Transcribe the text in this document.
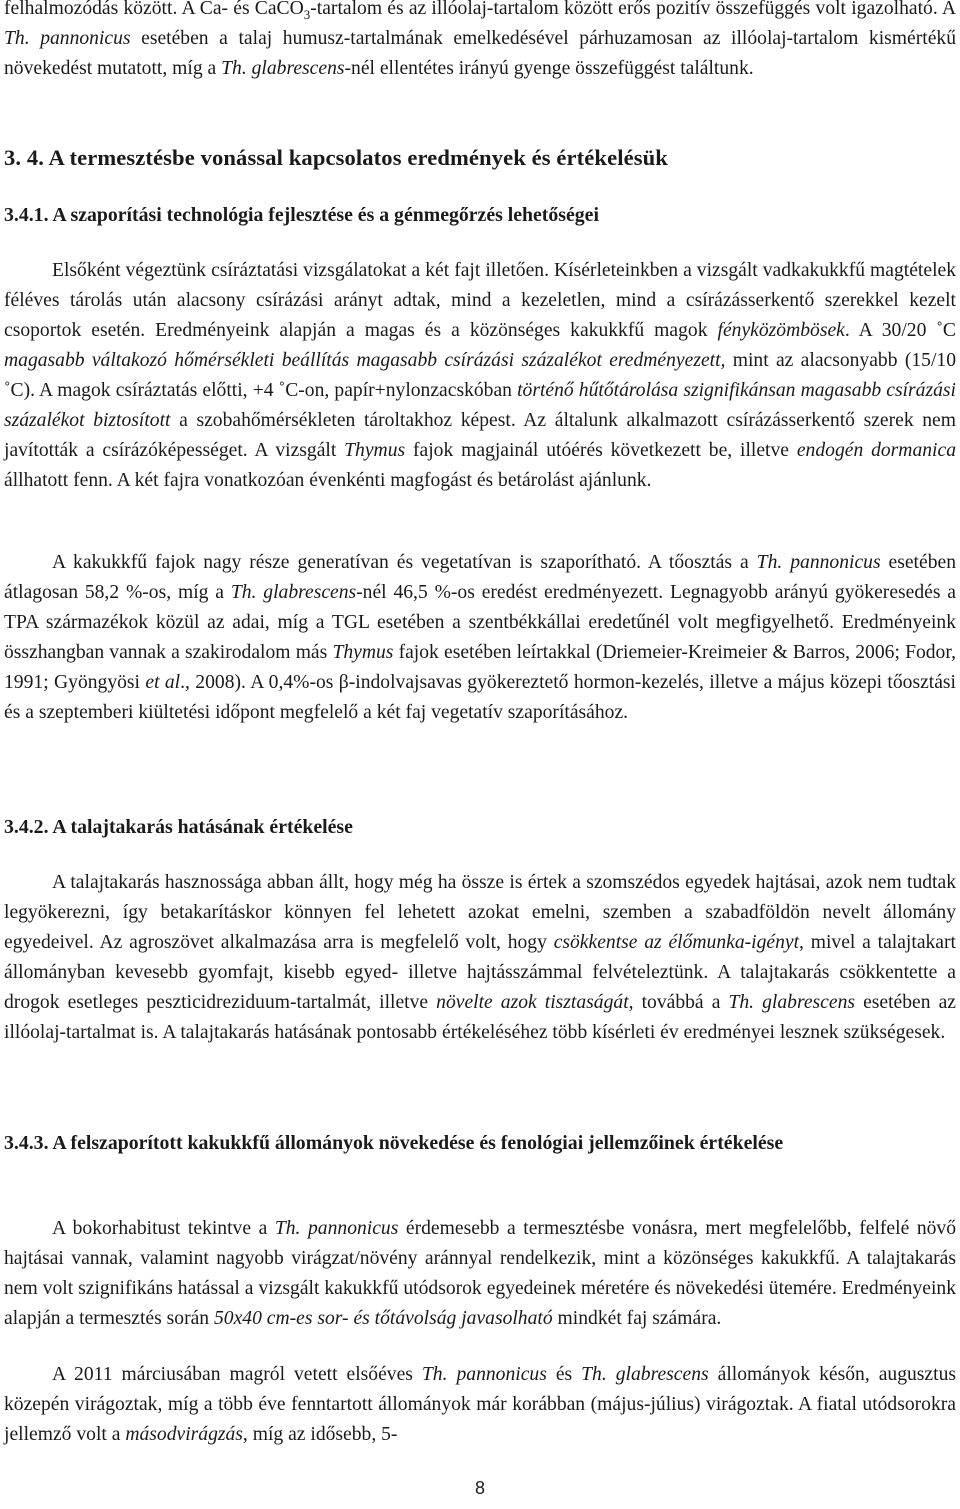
felhalmozódás között. A Ca- és CaCO$_3$-tartalom és az illóolaj-tartalom között erős pozitív összefüggés volt igazolható. A Th. pannonicus esetében a talaj humusz-tartalmának emelkedésével párhuzamosan az illóolaj-tartalom kismértékű növekedést mutatott, míg a Th. glabrescens-nél ellentétes irányú gyenge összefüggést találtunk.

3. 4. A termesztésbe vonással kapcsolatos eredmények és értékelésük
3.4.1. A szaporítási technológia fejlesztése és a génmegőrzés lehetőségei

Elsőként végeztünk csíráztatási vizsgálatokat a két fajt illetően. Kísérleteinkben a vizsgált vadkakukkfű magtételek féléves tárolás után alacsony csírázási arányt adtak, mind a kezeletlen, mind a csírázásserkentő szerekkel kezelt csoportok esetén. Eredményeink alapján a magas és a közönséges kakukkfű magok fényközömbösek. A 30/20 ˚C magasabb váltakozó hőmérsékleti beállítás magasabb csírázási százalékot eredményezett, mint az alacsonyabb (15/10 ˚C). A magok csíráztatás előtti, +4 ˚C-on, papír+nylonzacskóban történő hűtőtárolása szignifikánsan magasabb csírázási százalékot biztosított a szobahőmérsékleten tároltakhoz képest. Az általunk alkalmazott csírázásserkentő szerek nem javították a csírázóképességet. A vizsgált Thymus fajok magjainál utóérés következett be, illetve endogén dormanica állhatott fenn. A két fajra vonatkozóan évenkénti magfogást és betárolást ajánlunk.

A kakukkfű fajok nagy része generatívan és vegetatívan is szaporítható. A tőosztás a Th. pannonicus esetében átlagosan 58,2 %-os, míg a Th. glabrescens-nél 46,5 %-os eredést eredményezett. Legnagyobb arányú gyökeresedés a TPA származékok közül az adai, míg a TGL esetében a szentbékkállai eredetűnél volt megfigyelhető. Eredményeink összhangban vannak a szakirodalom más Thymus fajok esetében leírtakkal (Driemeier-Kreimeier & Barros, 2006; Fodor, 1991; Gyöngyösi et al., 2008). A 0,4%-os β-indolvajsavas gyökereztető hormon-kezelés, illetve a május közepi tőosztási és a szeptemberi kiültetési időpont megfelelő a két faj vegetatív szaporításához.

3.4.2. A talajtakarás hatásának értékelése

A talajtakarás hasznossága abban állt, hogy még ha össze is értek a szomszédos egyedek hajtásai, azok nem tudtak legyökerezni, így betakarításkor könnyen fel lehetett azokat emelni, szemben a szabadföldön nevelt állomány egyedeivel. Az agroszövet alkalmazása arra is megfelelő volt, hogy csökkentse az élőmunka-igényt, mivel a talajtakart állományban kevesebb gyomfajt, kisebb egyed- illetve hajtásszámmal felvételeztünk. A talajtakarás csökkentette a drogok esetleges peszticidreziduum-tartalmát, illetve növelte azok tisztaságát, továbbá a Th. glabrescens esetében az illóolaj-tartalmat is. A talajtakarás hatásának pontosabb értékeléséhez több kísérleti év eredményei lesznek szükségesek.

3.4.3. A felszaporított kakukkfű állományok növekedése és fenológiai jellemzőinek értékelése

A bokorhabitust tekintve a Th. pannonicus érdemesebb a termesztésbe vonásra, mert megfelelőbb, felfelé növő hajtásai vannak, valamint nagyobb virágzat/növény aránnyal rendelkezik, mint a közönséges kakukkfű. A talajtakarás nem volt szignifikáns hatással a vizsgált kakukkfű utódsorok egyedeinek méretére és növekedési ütemére. Eredményeink alapján a termesztés során 50x40 cm-es sor- és tőtávolság javasolható mindkét faj számára.

A 2011 márciusában magról vetett elsőéves Th. pannonicus és Th. glabrescens állományok későn, augusztus közepén virágoztak, míg a több éve fenntartott állományok már korábban (május-július) virágoztak. A fiatal utódsorokra jellemző volt a másodvirágzás, míg az idősebb, 5-

8
